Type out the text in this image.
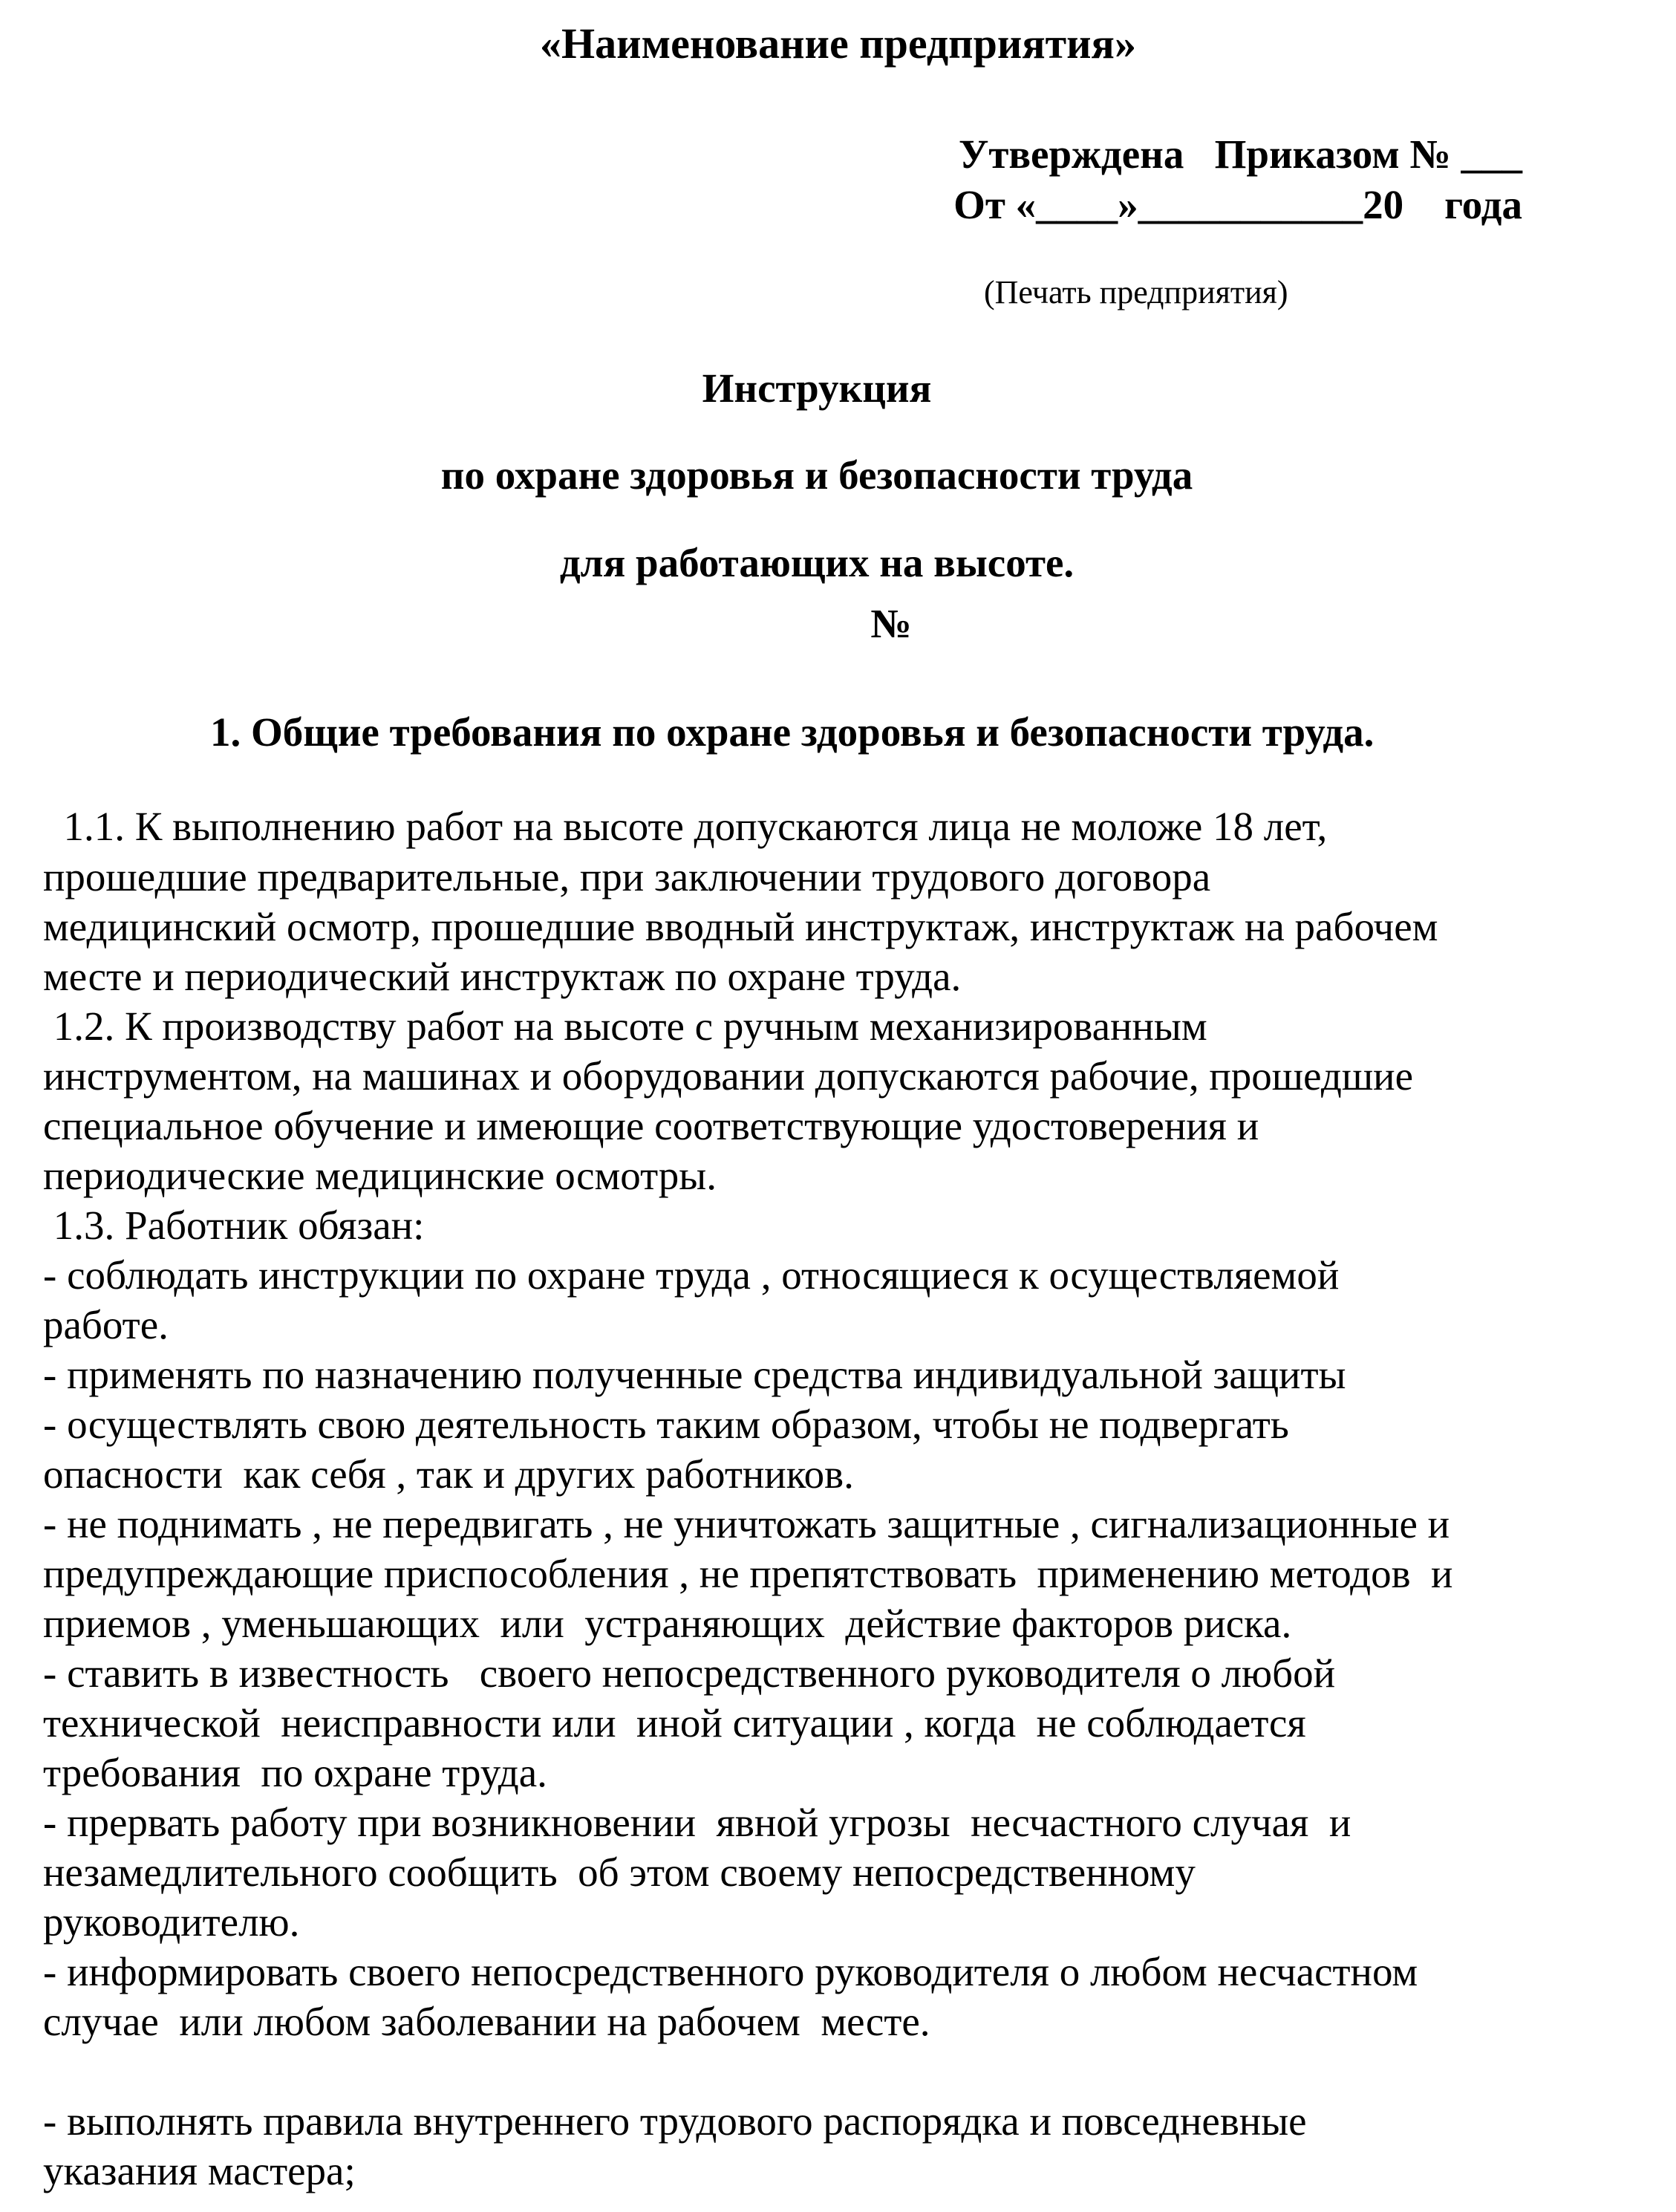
«Наименование предприятия»
Утверждена   Приказом № ___
От «____»___________20    года
(Печать предприятия)
Инструкция
по охране здоровья и безопасности труда
для работающих на высоте.
№
1. Общие требования по охране здоровья и безопасности труда.
1.1. К выполнению работ на высоте допускаются лица не моложе 18 лет,
прошедшие предварительные, при заключении трудового договора
медицинский осмотр, прошедшие вводный инструктаж, инструктаж на рабочем
месте и периодический инструктаж по охране труда.
1.2. К производству работ на высоте с ручным механизированным
инструментом, на машинах и оборудовании допускаются рабочие, прошедшие
специальное обучение и имеющие соответствующие удостоверения и
периодические медицинские осмотры.
1.3. Работник обязан:
- соблюдать инструкции по охране труда , относящиеся к осуществляемой
работе.
- применять по назначению полученные средства индивидуальной защиты
- осуществлять свою деятельность таким образом, чтобы не подвергать
опасности  как себя , так и других работников.
- не поднимать , не передвигать , не уничтожать защитные , сигнализационные и
предупреждающие приспособления , не препятствовать  применению методов  и
приемов , уменьшающих  или  устраняющих  действие факторов риска.
- ставить в известность   своего непосредственного руководителя о любой
технической  неисправности или  иной ситуации , когда  не соблюдается
требования  по охране труда.
- прервать работу при возникновении  явной угрозы  несчастного случая  и
незамедлительного сообщить  об этом своему непосредственному
руководителю.
- информировать своего непосредственного руководителя о любом несчастном
случае  или любом заболевании на рабочем  месте.
- выполнять правила внутреннего трудового распорядка и повседневные
указания мастера;
